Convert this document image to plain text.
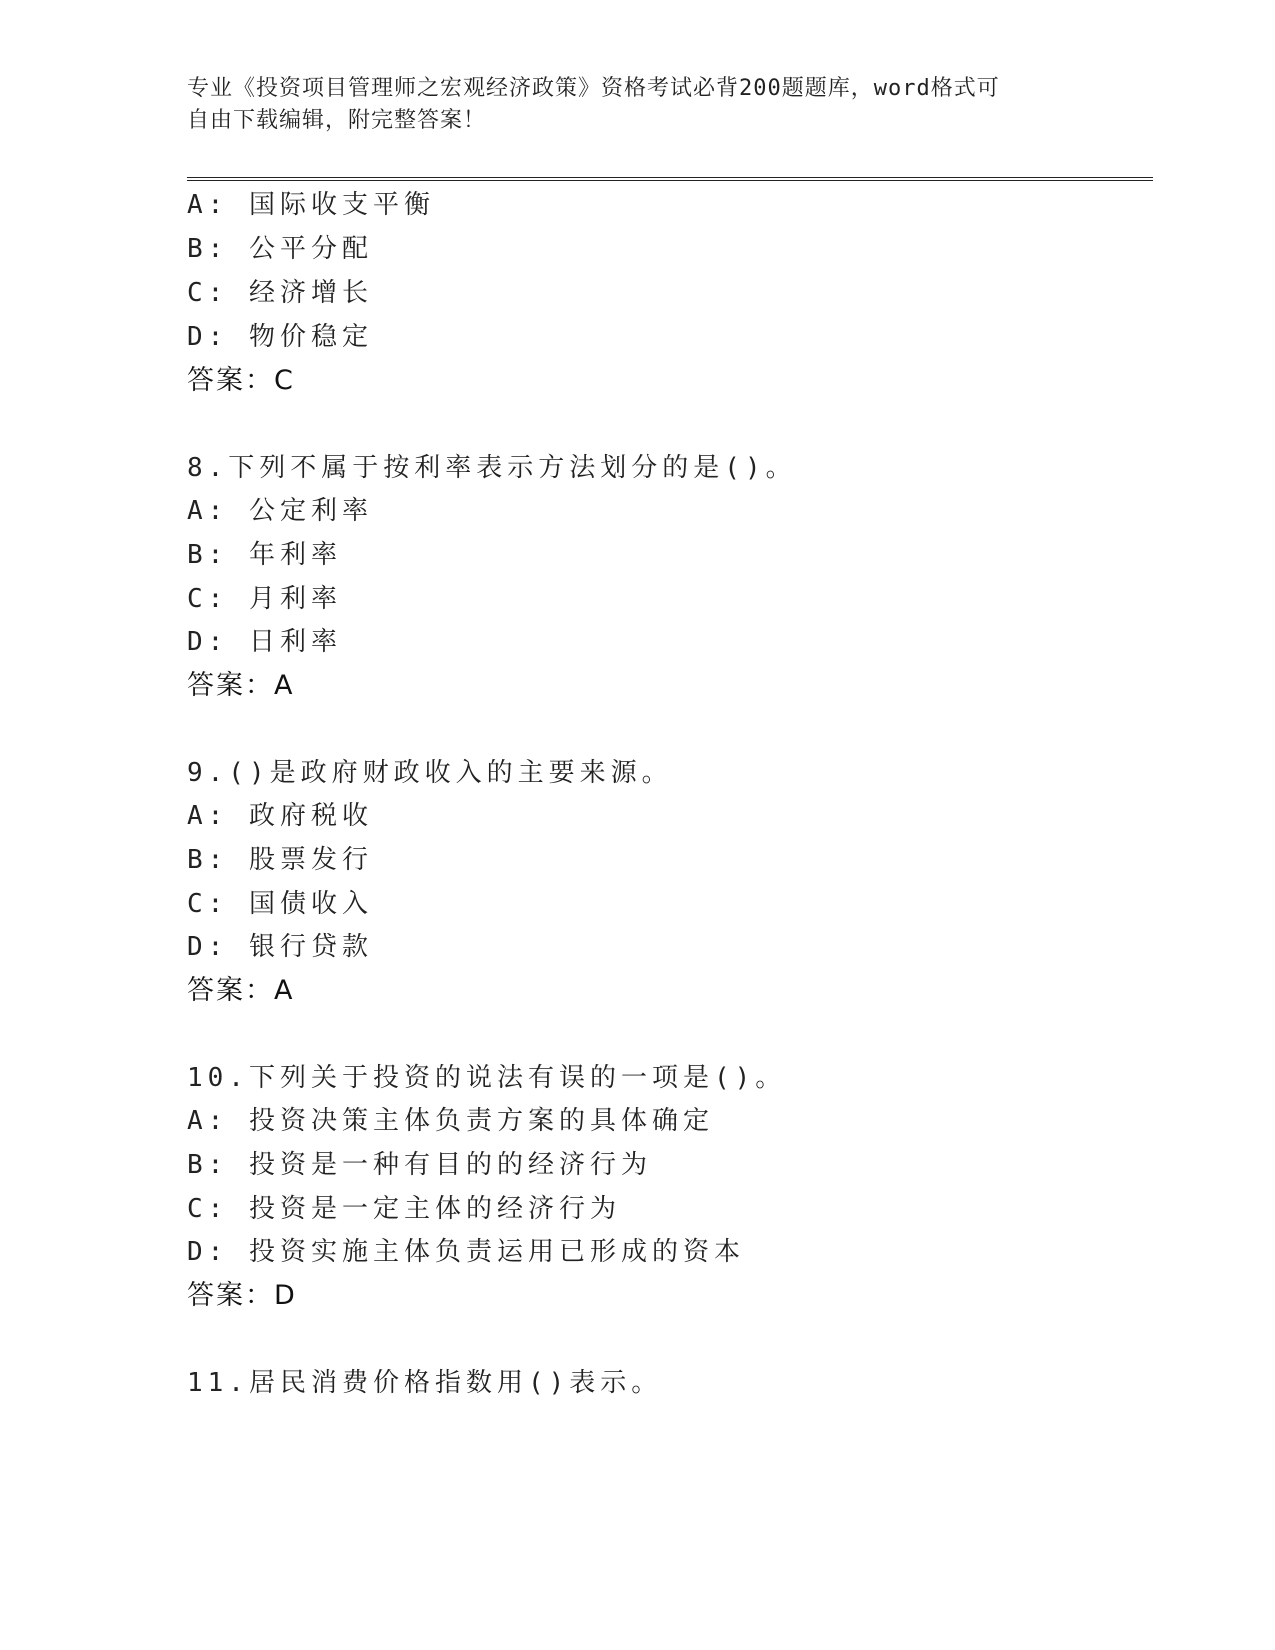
专业《投资项目管理师之宏观经济政策》资格考试必背200题题库，word格式可
自由下载编辑，附完整答案！
A: 国际收支平衡
B: 公平分配
C: 经济增长
D: 物价稳定
答案：C
8.下列不属于按利率表示方法划分的是()。
A: 公定利率
B: 年利率
C: 月利率
D: 日利率
答案：A
9.()是政府财政收入的主要来源。
A: 政府税收
B: 股票发行
C: 国债收入
D: 银行贷款
答案：A
10.下列关于投资的说法有误的一项是()。
A: 投资决策主体负责方案的具体确定
B: 投资是一种有目的的经济行为
C: 投资是一定主体的经济行为
D: 投资实施主体负责运用已形成的资本
答案：D
11.居民消费价格指数用()表示。
